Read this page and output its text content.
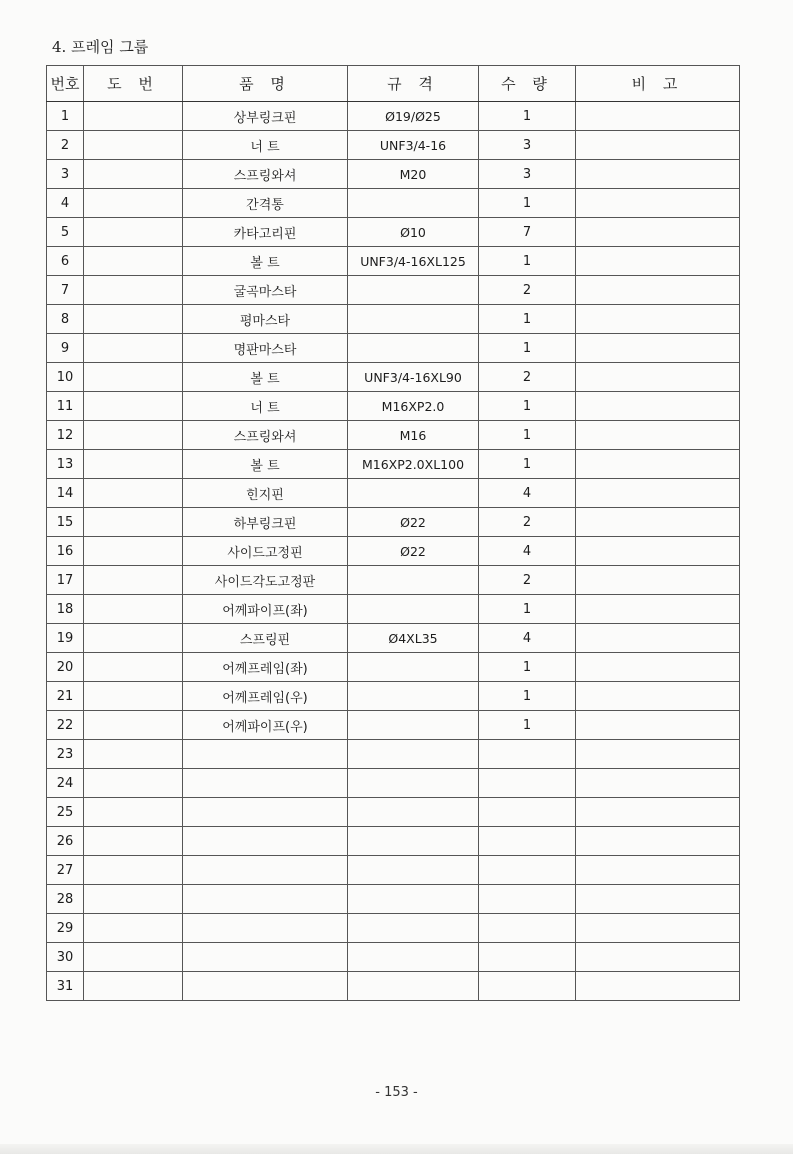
4. 프레임 그룹
번호	도 번	품 명	규 격	수 량	비 고
1		상부링크핀	Ø19/Ø25	1	
2		너 트	UNF3/4-16	3	
3		스프링와셔	M20	3	
4		간격통		1	
5		카타고리핀	Ø10	7	
6		볼 트	UNF3/4-16XL125	1	
7		굴곡마스타		2	
8		평마스타		1	
9		명판마스타		1	
10		볼 트	UNF3/4-16XL90	2	
11		너 트	M16XP2.0	1	
12		스프링와셔	M16	1	
13		볼 트	M16XP2.0XL100	1	
14		힌지핀		4	
15		하부링크핀	Ø22	2	
16		사이드고정핀	Ø22	4	
17		사이드각도고정판		2	
18		어께파이프(좌)		1	
19		스프링핀	Ø4XL35	4	
20		어께프레임(좌)		1	
21		어께프레임(우)		1	
22		어께파이프(우)		1	
23					
24					
25					
26					
27					
28					
29					
30					
31					
- 153 -
